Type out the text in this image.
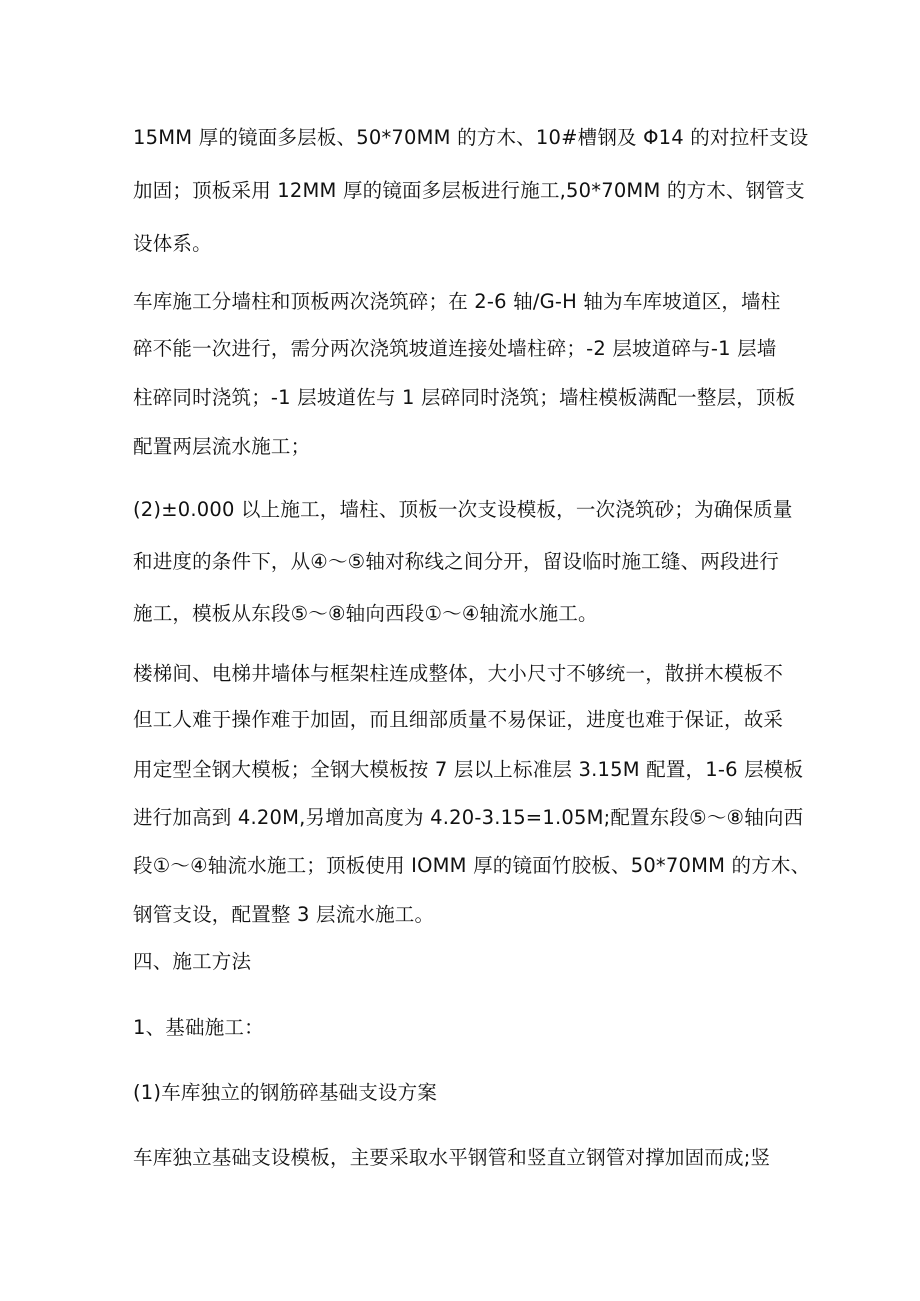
15MM 厚的镜面多层板、50*70MM 的方木、10#槽钢及 Φ14 的对拉杆支设
加固；顶板采用 12MM 厚的镜面多层板进行施工,50*70MM 的方木、钢管支
设体系。
车库施工分墙柱和顶板两次浇筑碎；在 2-6 轴/G-H 轴为车库坡道区，墙柱
碎不能一次进行，需分两次浇筑坡道连接处墙柱碎；-2 层坡道碎与-1 层墙
柱碎同时浇筑；-1 层坡道佐与 1 层碎同时浇筑；墙柱模板满配一整层，顶板
配置两层流水施工；
(2)±0.000 以上施工，墙柱、顶板一次支设模板，一次浇筑砂；为确保质量
和进度的条件下，从④～⑤轴对称线之间分开，留设临时施工缝、两段进行
施工，模板从东段⑤～⑧轴向西段①～④轴流水施工。
楼梯间、电梯井墙体与框架柱连成整体，大小尺寸不够统一，散拼木模板不
但工人难于操作难于加固，而且细部质量不易保证，进度也难于保证，故采
用定型全钢大模板；全钢大模板按 7 层以上标准层 3.15M 配置，1-6 层模板
进行加高到 4.20M,另增加高度为 4.20-3.15=1.05M;配置东段⑤～⑧轴向西
段①～④轴流水施工；顶板使用 IOMM 厚的镜面竹胶板、50*70MM 的方木、
钢管支设，配置整 3 层流水施工。
四、施工方法
1、基础施工：
(1)车库独立的钢筋碎基础支设方案
车库独立基础支设模板，主要采取水平钢管和竖直立钢管对撑加固而成;竖
